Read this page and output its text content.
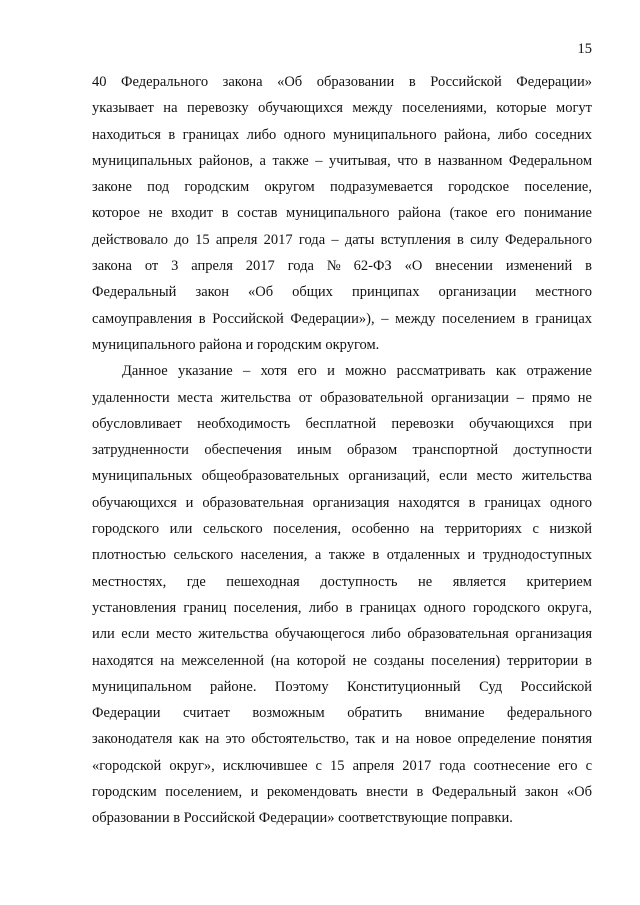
15

40 Федерального закона «Об образовании в Российской Федерации»
указывает на перевозку обучающихся между поселениями, которые могут
находиться в границах либо одного муниципального района, либо соседних
муниципальных районов, а также – учитывая, что в названном Федеральном
законе под городским округом подразумевается городское поселение,
которое не входит в состав муниципального района (такое его понимание
действовало до 15 апреля 2017 года – даты вступления в силу Федерального
закона от 3 апреля 2017 года № 62-ФЗ «О внесении изменений в
Федеральный закон «Об общих принципах организации местного
самоуправления в Российской Федерации»), – между поселением в границах
муниципального района и городским округом.

Данное указание – хотя его и можно рассматривать как отражение
удаленности места жительства от образовательной организации – прямо не
обусловливает необходимость бесплатной перевозки обучающихся при
затрудненности обеспечения иным образом транспортной доступности
муниципальных общеобразовательных организаций, если место жительства
обучающихся и образовательная организация находятся в границах одного
городского или сельского поселения, особенно на территориях с низкой
плотностью сельского населения, а также в отдаленных и труднодоступных
местностях, где пешеходная доступность не является критерием
установления границ поселения, либо в границах одного городского округа,
или если место жительства обучающегося либо образовательная организация
находятся на межселенной (на которой не созданы поселения) территории в
муниципальном районе. Поэтому Конституционный Суд Российской
Федерации считает возможным обратить внимание федерального
законодателя как на это обстоятельство, так и на новое определение понятия
«городской округ», исключившее с 15 апреля 2017 года соотнесение его с
городским поселением, и рекомендовать внести в Федеральный закон «Об
образовании в Российской Федерации» соответствующие поправки.
